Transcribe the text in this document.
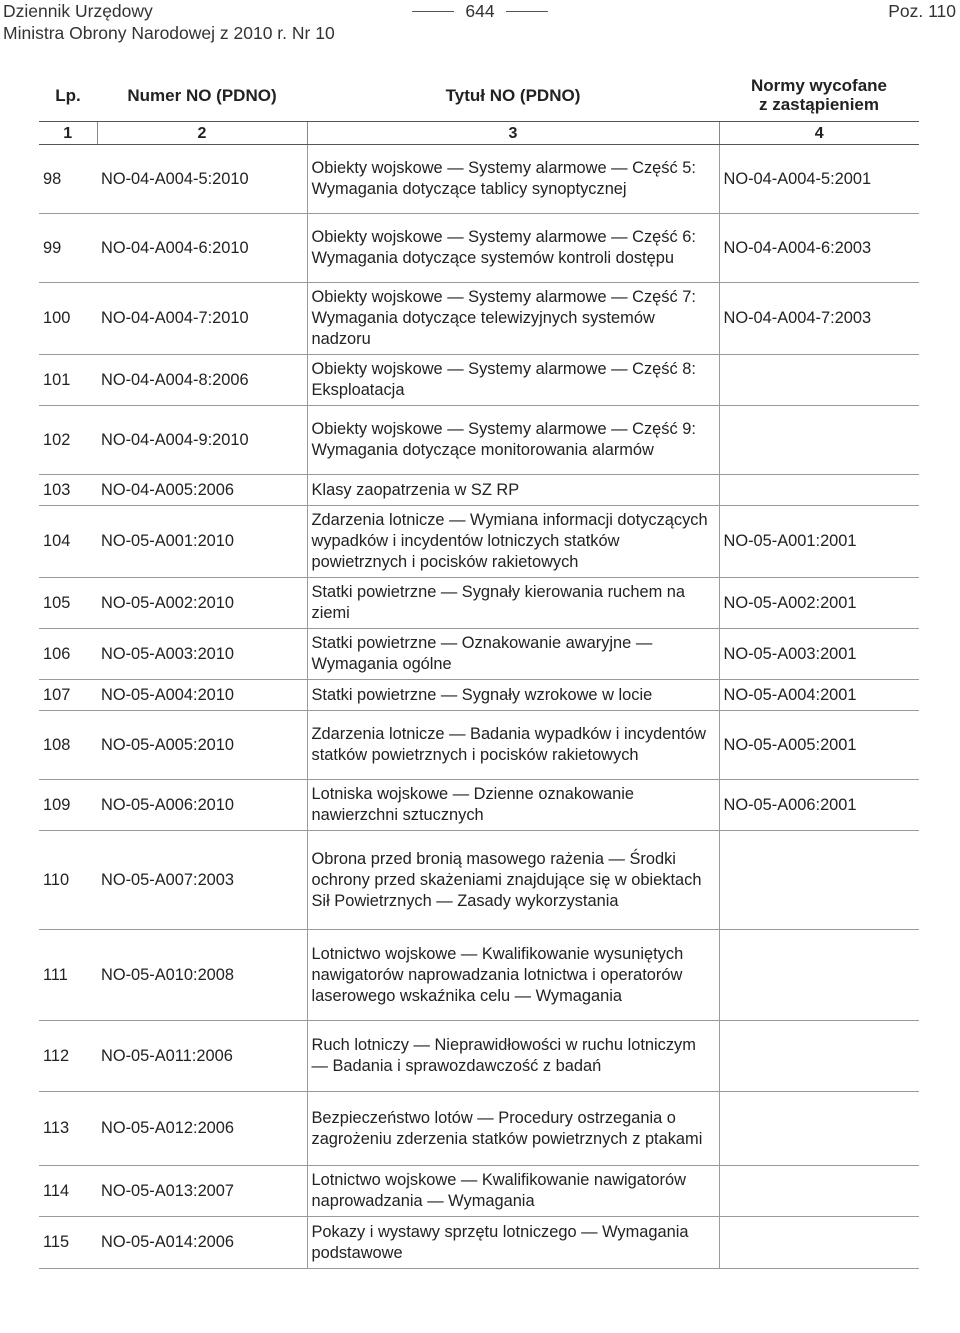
Dziennik Urzędowy
Ministra Obrony Narodowej z 2010 r. Nr 10
644	Poz. 110
Lp.	Numer NO (PDNO)	Tytuł NO (PDNO)	Normy wycofane
z zastąpieniem

1	2	3	4
98	NO-04-A004-5:2010	Obiekty wojskowe — Systemy alarmowe — Część 5: Wymagania dotyczące tablicy synoptycznej	NO-04-A004-5:2001
99	NO-04-A004-6:2010	Obiekty wojskowe — Systemy alarmowe — Część 6: Wymagania dotyczące systemów kontroli dostępu	NO-04-A004-6:2003
100	NO-04-A004-7:2010	Obiekty wojskowe — Systemy alarmowe — Część 7: Wymagania dotyczące telewizyjnych systemów nadzoru	NO-04-A004-7:2003
101	NO-04-A004-8:2006	Obiekty wojskowe — Systemy alarmowe — Część 8: Eksploatacja	
102	NO-04-A004-9:2010	Obiekty wojskowe — Systemy alarmowe — Część 9: Wymagania dotyczące monitorowania alarmów	
103	NO-04-A005:2006	Klasy zaopatrzenia w SZ RP	
104	NO-05-A001:2010	Zdarzenia lotnicze — Wymiana informacji dotyczących wypadków i incydentów lotniczych statków powietrznych i pocisków rakietowych	NO-05-A001:2001
105	NO-05-A002:2010	Statki powietrzne — Sygnały kierowania ruchem na ziemi	NO-05-A002:2001
106	NO-05-A003:2010	Statki powietrzne — Oznakowanie awaryjne — Wymagania ogólne	NO-05-A003:2001
107	NO-05-A004:2010	Statki powietrzne — Sygnały wzrokowe w locie	NO-05-A004:2001
108	NO-05-A005:2010	Zdarzenia lotnicze — Badania wypadków i incydentów statków powietrznych i pocisków rakietowych	NO-05-A005:2001
109	NO-05-A006:2010	Lotniska wojskowe — Dzienne oznakowanie nawierzchni sztucznych	NO-05-A006:2001
110	NO-05-A007:2003	Obrona przed bronią masowego rażenia — Środki ochrony przed skażeniami znajdujące się w obiektach Sił Powietrznych — Zasady wykorzystania	
111	NO-05-A010:2008	Lotnictwo wojskowe — Kwalifikowanie wysuniętych nawigatorów naprowadzania lotnictwa i operatorów laserowego wskaźnika celu — Wymagania	
112	NO-05-A011:2006	Ruch lotniczy — Nieprawidłowości w ruchu lotniczym — Badania i sprawozdawczość z badań	
113	NO-05-A012:2006	Bezpieczeństwo lotów — Procedury ostrzegania o zagrożeniu zderzenia statków powietrznych z ptakami	
114	NO-05-A013:2007	Lotnictwo wojskowe — Kwalifikowanie nawigatorów naprowadzania — Wymagania	
115	NO-05-A014:2006	Pokazy i wystawy sprzętu lotniczego — Wymagania podstawowe	
